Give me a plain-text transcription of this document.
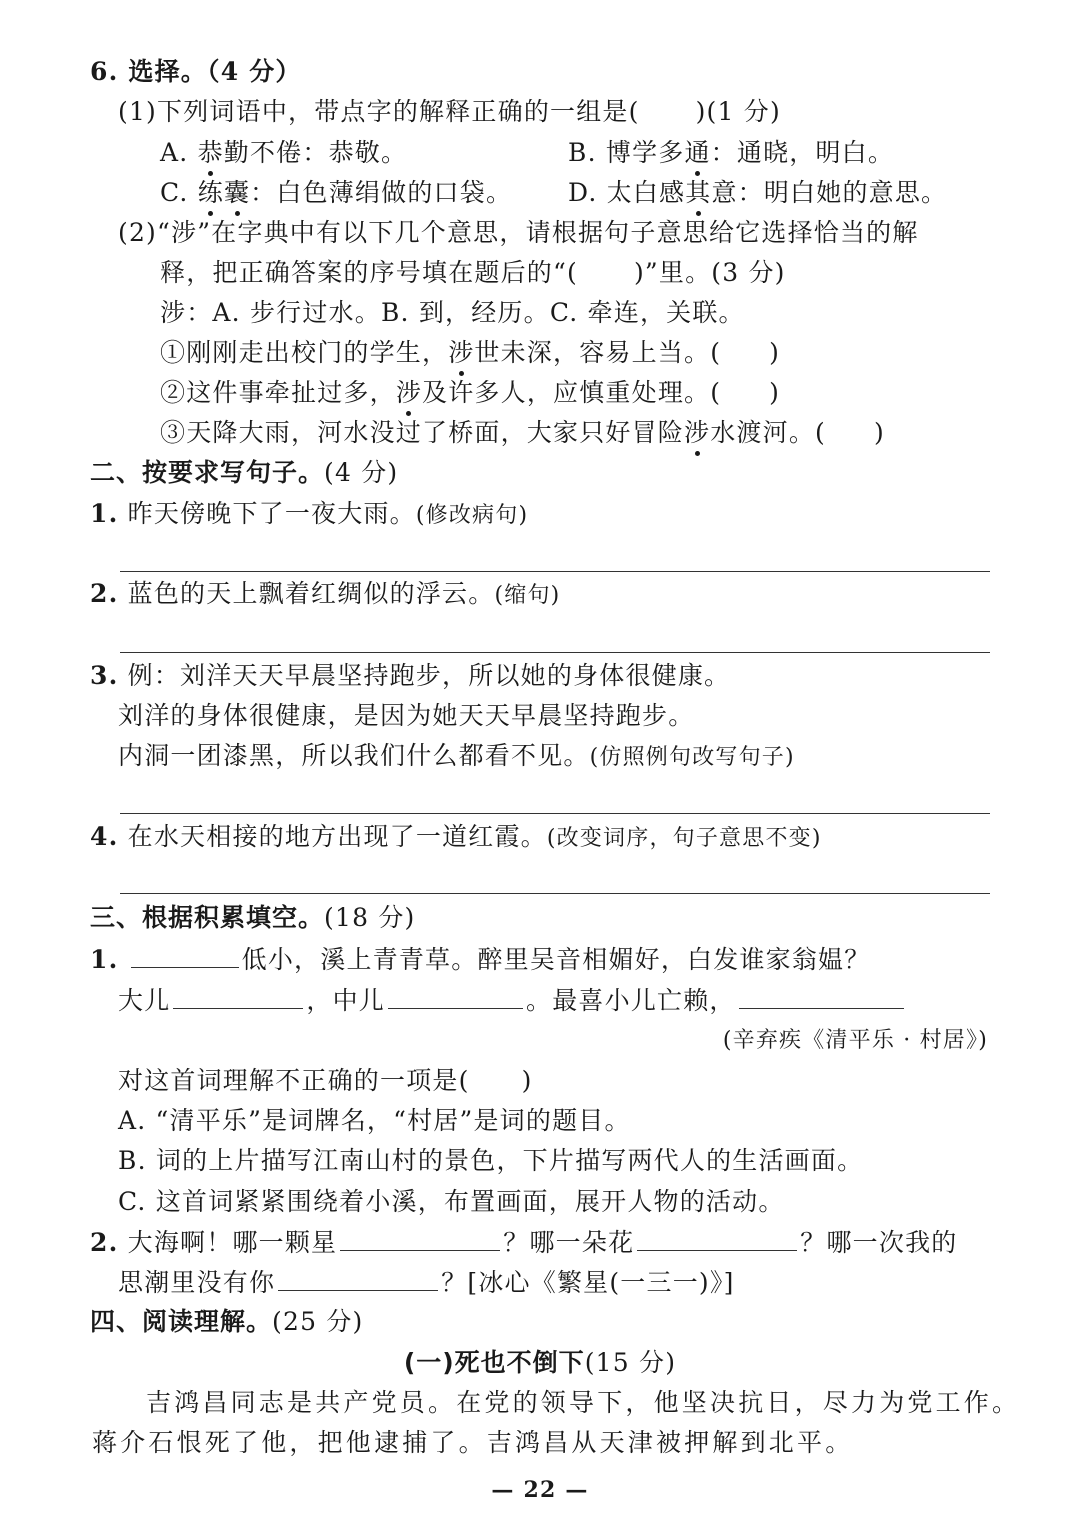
6. 选择。（4 分）
(1)下列词语中，带点字的解释正确的一组是( )(1 分)
A. 恭勤不倦：恭敬。	B. 博学多通：通晓，明白。
C. 练囊：白色薄绢做的口袋。 D. 太白感其意：明白她的意思。
(2)“涉”在字典中有以下几个意思，请根据句子意思给它选择恰当的解
释，把正确答案的序号填在题后的“( )”里。(3 分)
涉：A. 步行过水。B. 到，经历。C. 牵连，关联。
①刚刚走出校门的学生，涉世未深，容易上当。( )
②这件事牵扯过多，涉及许多人，应慎重处理。( )
③天降大雨，河水没过了桥面，大家只好冒险涉水渡河。( )
二、按要求写句子。(4 分)
1. 昨天傍晚下了一夜大雨。(修改病句)
2. 蓝色的天上飘着红绸似的浮云。(缩句)
3. 例：刘洋天天早晨坚持跑步，所以她的身体很健康。
刘洋的身体很健康，是因为她天天早晨坚持跑步。
内洞一团漆黑，所以我们什么都看不见。(仿照例句改写句子)
4. 在水天相接的地方出现了一道红霞。(改变词序，句子意思不变)
三、根据积累填空。(18 分)
1.	低小，溪上青青草。醉里吴音相媚好，白发谁家翁媪？
大儿	，中儿	。最喜小儿亡赖，
(辛弃疾《清平乐 · 村居》)
对这首词理解不正确的一项是( )
A. “清平乐”是词牌名，“村居”是词的题目。
B. 词的上片描写江南山村的景色，下片描写两代人的生活画面。
C. 这首词紧紧围绕着小溪，布置画面，展开人物的活动。
2. 大海啊！哪一颗星	？哪一朵花	？哪一次我的
思潮里没有你	？[冰心《繁星(一三一)》]
四、阅读理解。(25 分)
(一)死也不倒下(15 分)
吉鸿昌同志是共产党员。在党的领导下，他坚决抗日，尽力为党工作。
蒋介石恨死了他，把他逮捕了。吉鸿昌从天津被押解到北平。
— 22 —
